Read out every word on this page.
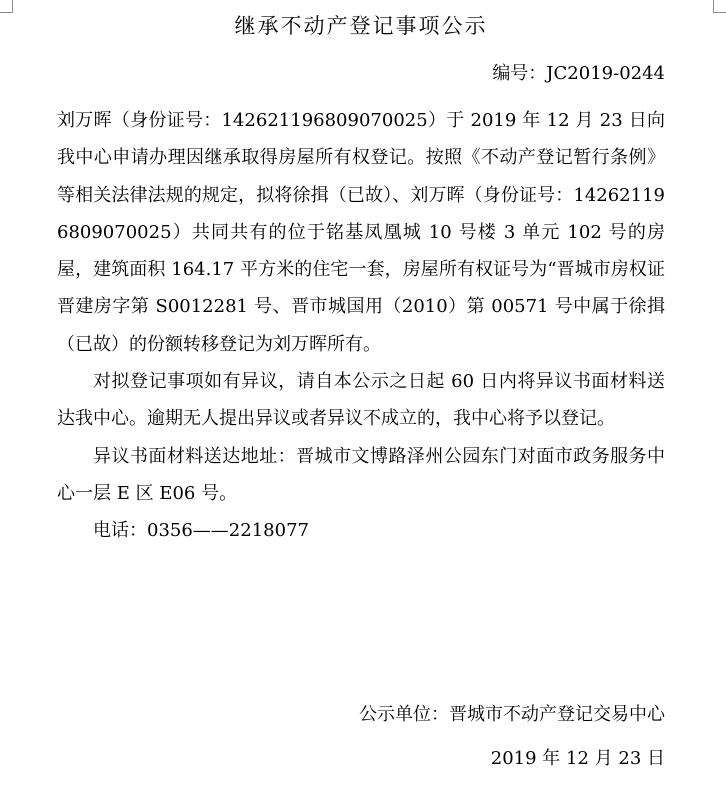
继承不动产登记事项公示
编号：JC2019-0244

刘万晖（身份证号：142621196809070025）于 2019 年 12 月 23 日向我中心申请办理因继承取得房屋所有权登记。按照《不动产登记暂行条例》等相关法律法规的规定，拟将徐揖（已故）、刘万晖（身份证号：142621196809070025）共同共有的位于铭基凤凰城 10 号楼 3 单元 102 号的房屋，建筑面积 164.17 平方米的住宅一套，房屋所有权证号为“晋城市房权证晋建房字第 S0012281 号、晋市城国用（2010）第 00571 号中属于徐揖（已故）的份额转移登记为刘万晖所有。

对拟登记事项如有异议，请自本公示之日起 60 日内将异议书面材料送达我中心。逾期无人提出异议或者异议不成立的，我中心将予以登记。

异议书面材料送达地址：晋城市文博路泽州公园东门对面市政务服务中心一层 E 区 E06 号。

电话：0356——2218077

公示单位：晋城市不动产登记交易中心
2019 年 12 月 23 日
